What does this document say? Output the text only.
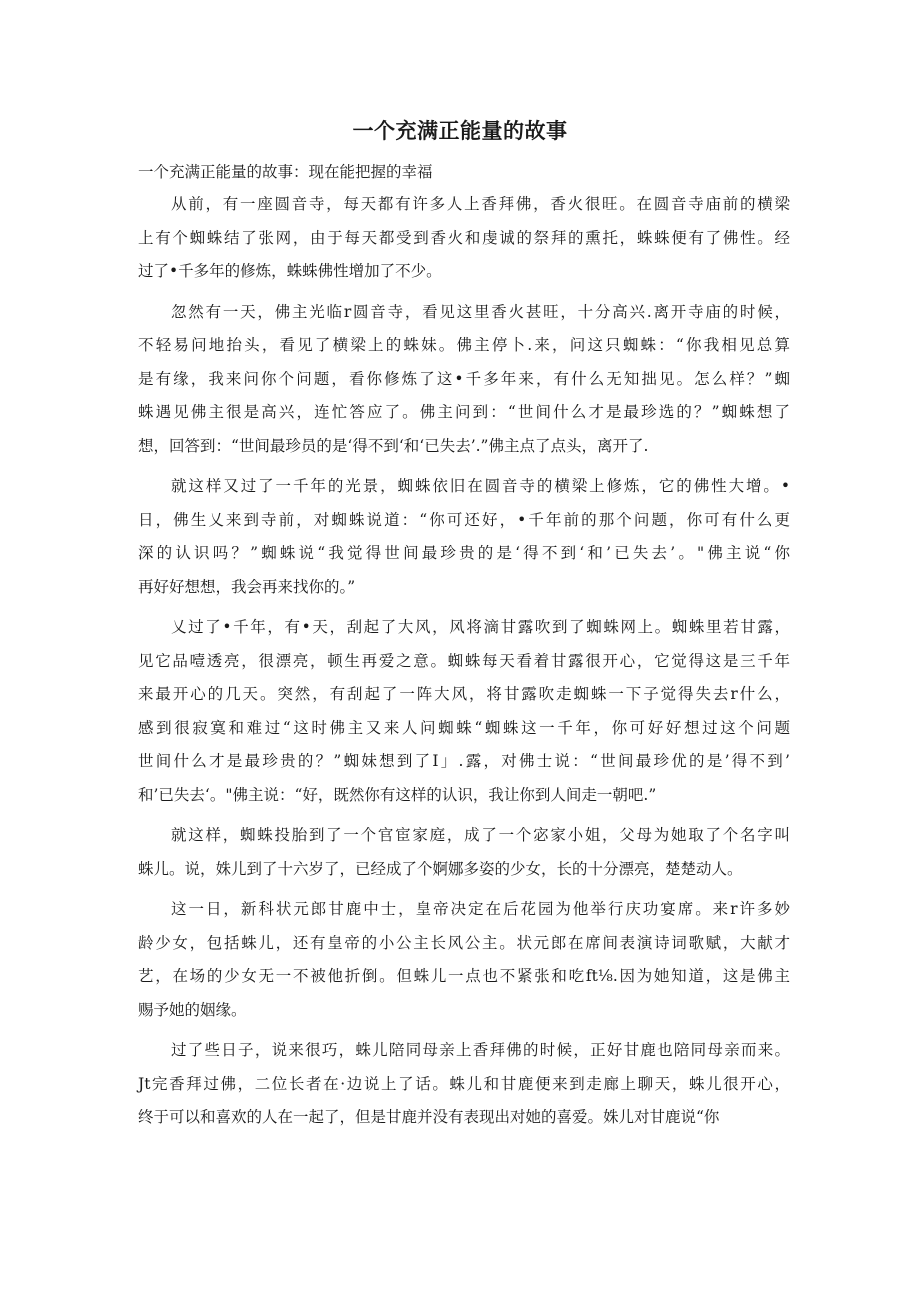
一个充满正能量的故事
一个充满正能量的故事：现在能把握的幸福
从前，有一座圆音寺，每天都有许多人上香拜佛，香火很旺。在圆音寺庙前的横梁
上有个蜘蛛结了张网，由于每天都受到香火和虔诚的祭拜的熏托，蛛蛛便有了佛性。经
过了•千多年的修炼，蛛蛛佛性增加了不少。
忽然有一天，佛主光临r圆音寺，看见这里香火甚旺，十分高兴.离开寺庙的时候，
不轻易问地抬头，看见了横梁上的蛛妹。佛主停卜.来，问这只蜘蛛：“你我相见总算
是有缘，我来问你个问题，看你修炼了这•千多年来，有什么无知拙见。怎么样？”蜘
蛛遇见佛主很是高兴，连忙答应了。佛主问到：“世间什么才是最珍选的？”蜘蛛想了
想，回答到：“世间最珍员的是‘得不到‘和‘已失去’.”佛主点了点头，离开了.
就这样又过了一千年的光景，蜘蛛依旧在圆音寺的横梁上修炼，它的佛性大增。•
日，佛生乂来到寺前，对蜘蛛说道：“你可还好，•千年前的那个问题，你可有什么更
深的认识吗？”蜘蛛说“我觉得世间最珍贵的是‘得不到‘和’已失去’。"佛主说“你
再好好想想，我会再来找你的。”
乂过了•千年，有•天，刮起了大风，风将滴甘露吹到了蜘蛛网上。蜘蛛里若甘露，
见它品噎透亮，很漂亮，顿生再爱之意。蜘蛛每天看着甘露很开心，它觉得这是三千年
来最开心的几天。突然，有刮起了一阵大风，将甘露吹走蜘蛛一下子觉得失去r什么，
感到很寂寞和难过“这时佛主又来人问蜘蛛“蜘蛛这一千年，你可好好想过这个问题
世间什么才是最珍贵的？”蜘妹想到了I」.露，对佛士说：“世间最珍优的是’得不到’
和’已失去‘。"佛主说：“好，既然你有这样的认识，我让你到人间走一朝吧.”
就这样，蜘蛛投胎到了一个官宦家庭，成了一个宓家小姐，父母为她取了个名字叫
蛛儿。说，姝儿到了十六岁了，已经成了个婀娜多姿的少女，长的十分漂亮，楚楚动人。
这一日，新科状元郎甘鹿中士，皇帝决定在后花园为他举行庆功宴席。来r许多妙
龄少女，包括蛛儿，还有皇帝的小公主长风公主。状元郎在席间表演诗词歌赋，大献才
艺，在场的少女无一不被他折倒。但蛛儿一点也不紧张和吃ft⅛.因为她知道，这是佛主
赐予她的姻缘。
过了些日子，说来很巧，蛛儿陪同母亲上香拜佛的时候，正好甘鹿也陪同母亲而来。
Jt完香拜过佛，二位长者在·边说上了话。蛛儿和甘鹿便来到走廊上聊天，蛛儿很开心，
终于可以和喜欢的人在一起了，但是甘鹿并没有表现出对她的喜爱。姝儿对甘鹿说“你
